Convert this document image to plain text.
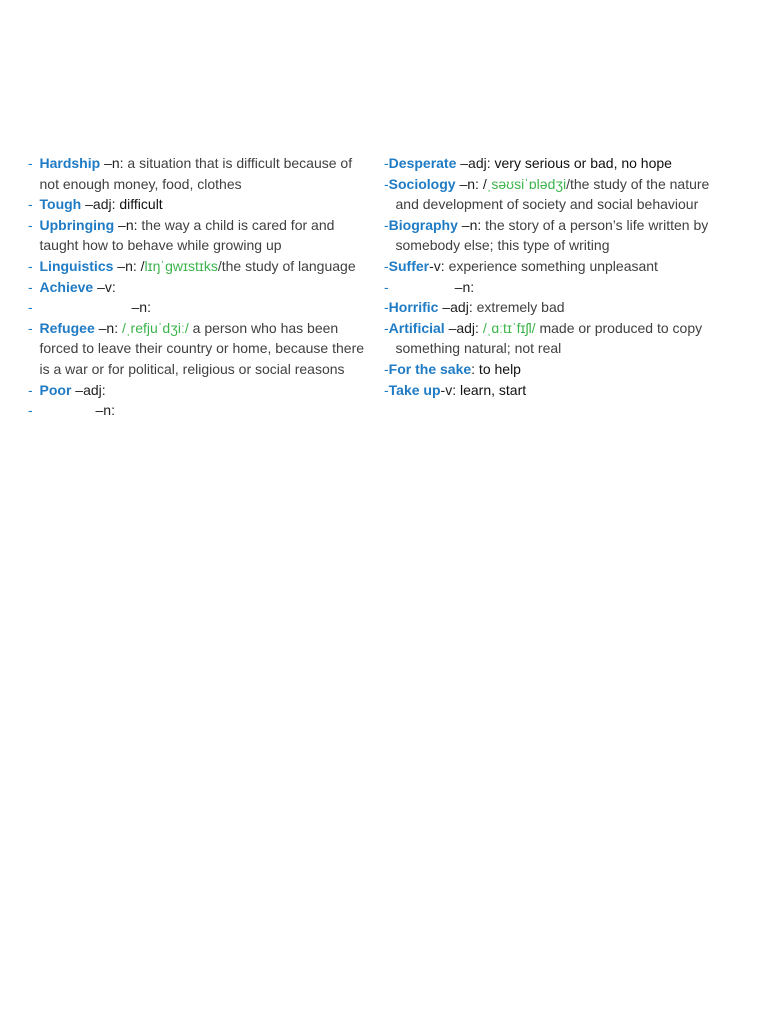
- Hardship –n: a situation that is difficult because of not enough money, food, clothes
- Tough –adj: difficult
- Upbringing –n: the way a child is cared for and taught how to behave while growing up
- Linguistics –n: /lɪŋˈɡwɪstɪks/the study of language
- Achieve –v:
-	–n:
- Refugee –n: /ˌrefjuˈdʒiː/ a person who has been forced to leave their country or home, because there is a war or for political, religious or social reasons
- Poor –adj:
-	–n:
-Desperate –adj: very serious or bad, no hope
-Sociology –n: /ˌsəʊsiˈɒlədʒi/the study of the nature and development of society and social behaviour
-Biography –n: the story of a person’s life written by somebody else; this type of writing
-Suffer-v: experience something unpleasant
-	–n:
-Horrific –adj: extremely bad
-Artificial –adj: /ˌɑːtɪˈfɪʃl/ made or produced to copy something natural; not real
-For the sake: to help
-Take up-v: learn, start
